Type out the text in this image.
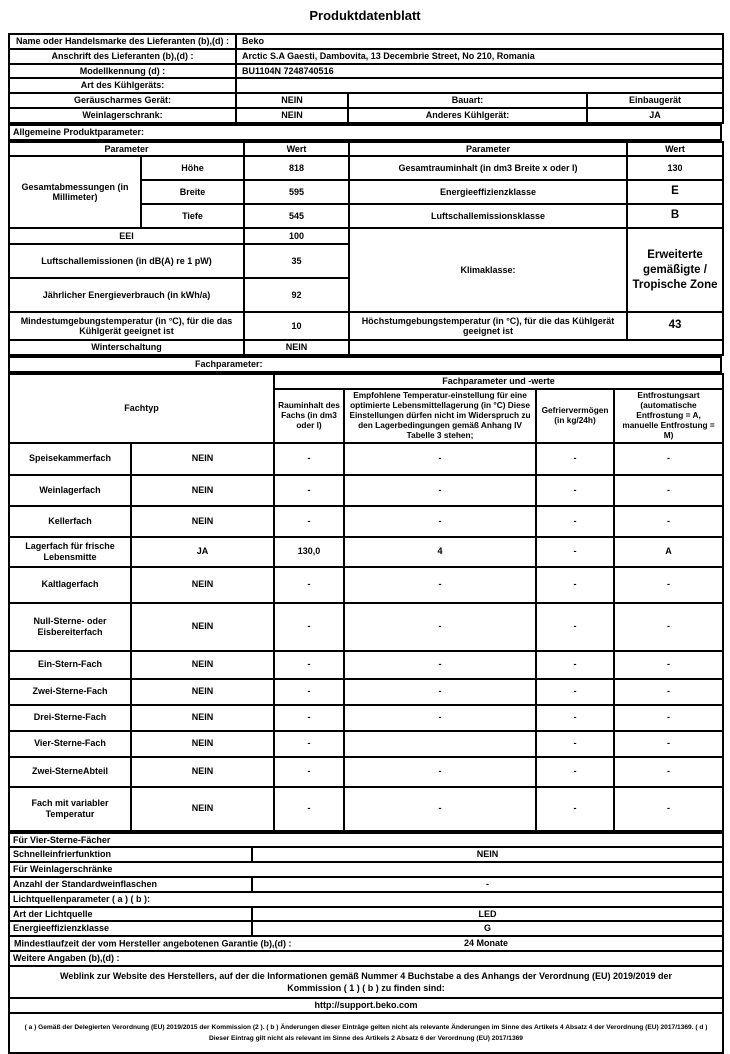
Produktdatenblatt
Name oder Handelsmarke des Lieferanten (b),(d) :	Beko		
Anschrift des Lieferanten (b),(d) :	Arctic S.A Gaesti, Dambovita, 13 Decembrie Street, No 210, Romania		
Modellkennung (d) :	BU1104N 7248740516		
Art des Kühlgeräts:			
Geräuscharmes Gerät:	NEIN	Bauart:	Einbaugerät
Weinlagerschrank:	NEIN	Anderes Kühlgerät:	JA
Allgemeine Produktparameter:
Parameter		Wert	Parameter	Wert
Gesamtabmessungen (in Millimeter)	Höhe	818	Gesamtrauminhalt (in dm3 Breite x oder l)	130
	Breite	595	Energieeffizienzklasse	E
	Tiefe	545	Luftschallemissionsklasse	B
EEI		100	Klimaklasse:	Erweiterte gemäßigte / Tropische Zone
Luftschallemissionen (in dB(A) re 1 pW)		35		
Jährlicher Energieverbrauch (in kWh/a)		92		
Mindestumgebungstemperatur (in °C), für die das Kühlgerät geeignet ist		10	Höchstumgebungstemperatur (in °C), für die das Kühlgerät geeignet ist	43
Winterschaltung		NEIN		
Fachparameter:
Fachtyp		Fachparameter und -werte			
		Rauminhalt des Fachs (in dm3 oder l)	Empfohlene Temperatur-einstellung für eine optimierte Lebensmittellagerung (in °C) Diese Einstellungen dürfen nicht im Widerspruch zu den Lagerbedingungen gemäß Anhang IV Tabelle 3 stehen;	Gefriervermögen (in kg/24h)	Entfrostungsart (automatische Entfrostung = A, manuelle Entfrostung = M)
Speisekammerfach	NEIN	-	-	-	-
Weinlagerfach	NEIN	-	-	-	-
Kellerfach	NEIN	-	-	-	-
Lagerfach für frische Lebensmitte	JA	130,0	4	-	A
Kaltlagerfach	NEIN	-	-	-	-
Null-Sterne- oder Eisbereiterfach	NEIN	-	-	-	-
Ein-Stern-Fach	NEIN	-	-	-	-
Zwei-Sterne-Fach	NEIN	-	-	-	-
Drei-Sterne-Fach	NEIN	-	-	-	-
Vier-Sterne-Fach	NEIN	-		-	-
Zwei-SterneAbteil	NEIN	-	-	-	-
Fach mit variabler Temperatur	NEIN	-	-	-	-
Für Vier-Sterne-Fächer	
Schnelleinfrierfunktion	NEIN
Für Weinlagerschränke	
Anzahl der Standardweinflaschen	-
Lichtquellenparameter ( a ) ( b ):	
Art der Lichtquelle	LED
Energieeffizienzklasse	G

Mindestlaufzeit der vom Hersteller angebotenen Garantie (b),(d) : 24 Monate	

Weitere Angaben (b),(d) :	
Weblink zur Website des Herstellers, auf der die Informationen gemäß Nummer 4 Buchstabe a des Anhangs der Verordnung (EU) 2019/2019 der Kommission ( 1 ) ( b ) zu finden sind:	
http://support.beko.com	
( a ) Gemäß der Delegierten Verordnung (EU) 2019/2015 der Kommission (2 ). ( b ) Änderungen dieser Einträge gelten nicht als relevante Änderungen im Sinne des Artikels 4 Absatz 4 der Verordnung (EU) 2017/1369. ( d ) Dieser Eintrag gilt nicht als relevant im Sinne des Artikels 2 Absatz 6 der Verordnung (EU) 2017/1369	
